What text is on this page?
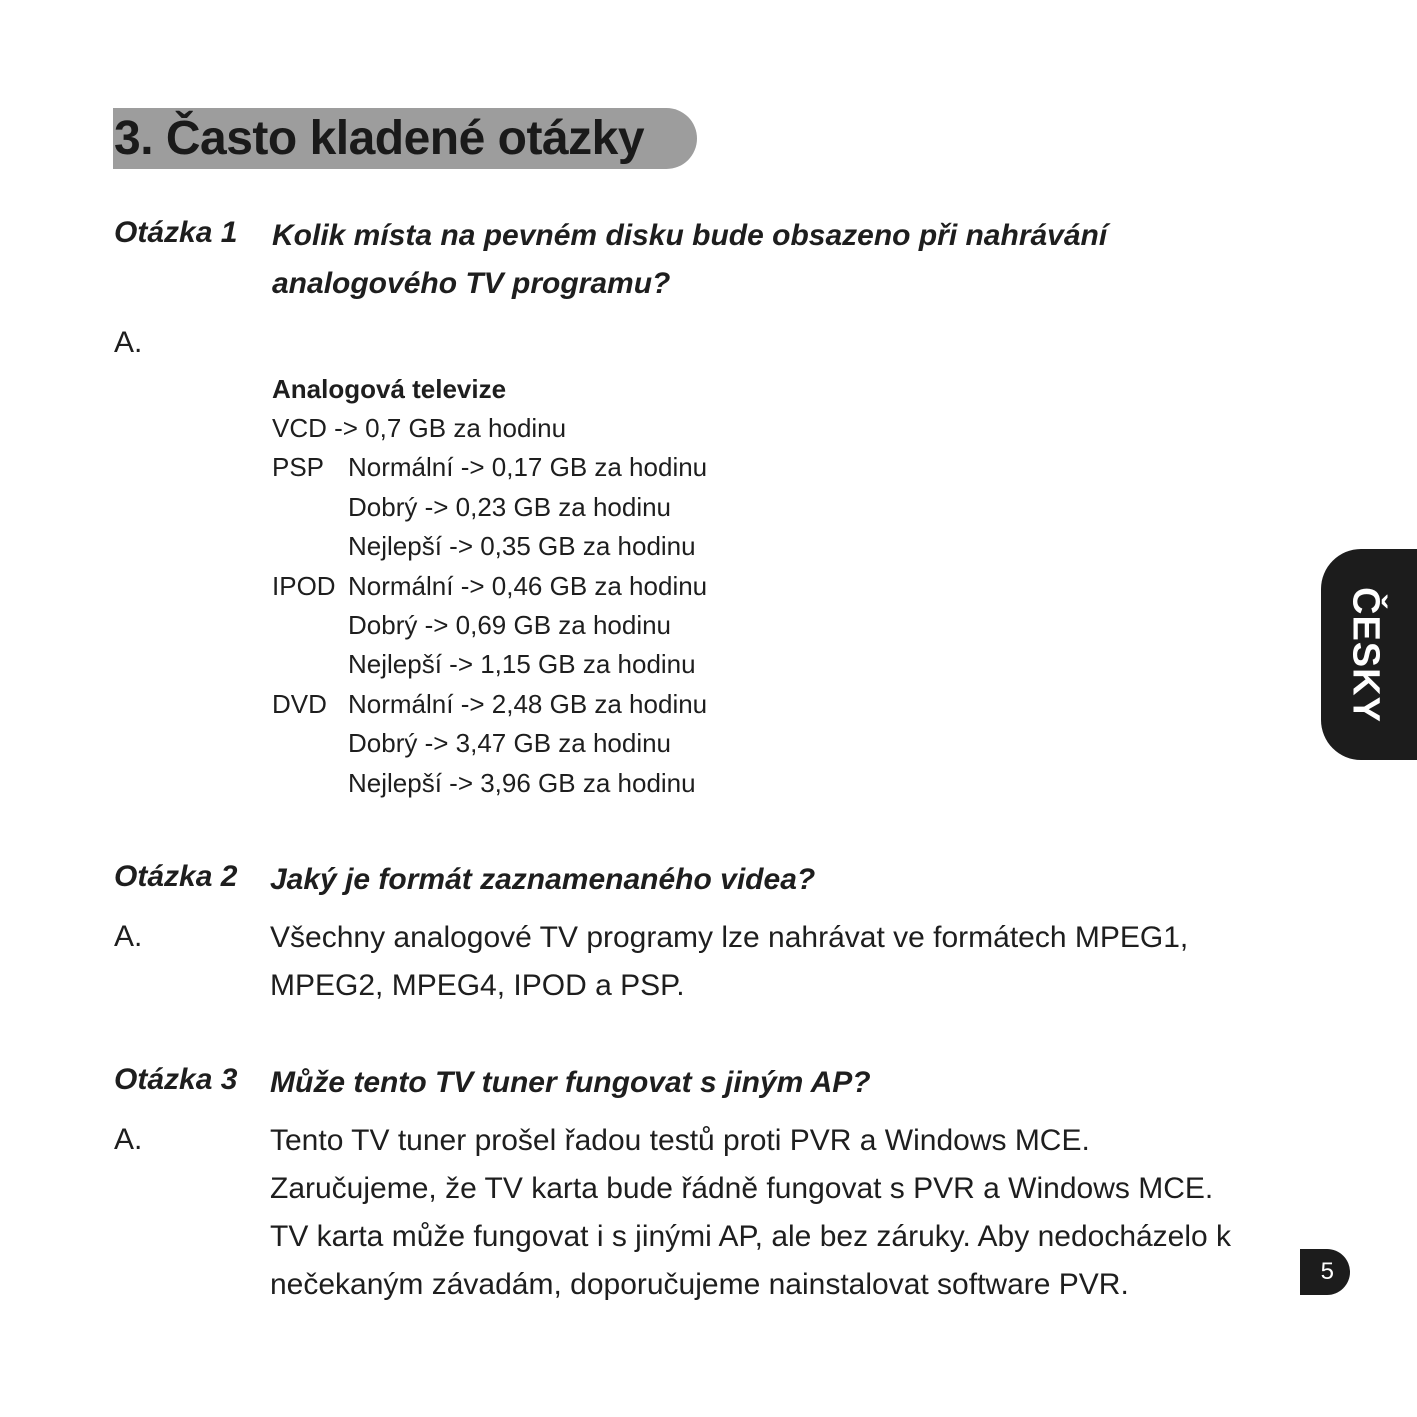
3. Často kladené otázky
Otázka 1 Kolik místa na pevném disku bude obsazeno při nahrávání
analogového TV programu?
A.
Analogová televize
VCD -> 0,7 GB za hodinu
PSP Normální -> 0,17 GB za hodinu
Dobrý -> 0,23 GB za hodinu
Nejlepší -> 0,35 GB za hodinu
IPOD Normální -> 0,46 GB za hodinu
Dobrý -> 0,69 GB za hodinu
Nejlepší -> 1,15 GB za hodinu
DVD Normální -> 2,48 GB za hodinu
Dobrý -> 3,47 GB za hodinu
Nejlepší -> 3,96 GB za hodinu
Otázka 2 Jaký je formát zaznamenaného videa?
A.	Všechny analogové TV programy lze nahrávat ve formátech MPEG1,
MPEG2, MPEG4, IPOD a PSP.
Otázka 3 Může tento TV tuner fungovat s jiným AP?
A.	Tento TV tuner prošel řadou testů proti PVR a Windows MCE.
Zaručujeme, že TV karta bude řádně fungovat s PVR a Windows MCE.
TV karta může fungovat i s jinými AP, ale bez záruky. Aby nedocházelo k
nečekaným závadám, doporučujeme nainstalovat software PVR.
ČESKY
5
